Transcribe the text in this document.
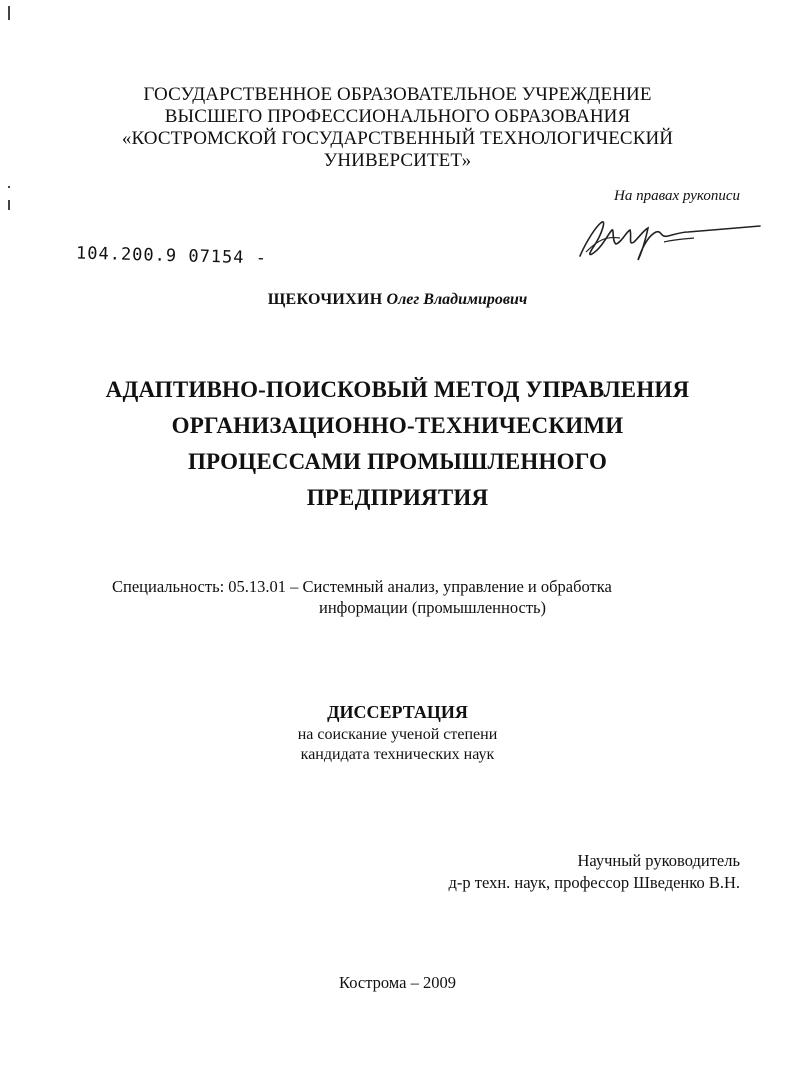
ГОСУДАРСТВЕННОЕ ОБРАЗОВАТЕЛЬНОЕ УЧРЕЖДЕНИЕ
ВЫСШЕГО ПРОФЕССИОНАЛЬНОГО ОБРАЗОВАНИЯ
«КОСТРОМСКОЙ ГОСУДАРСТВЕННЫЙ ТЕХНОЛОГИЧЕСКИЙ
УНИВЕРСИТЕТ»
На правах рукописи
104.200.9 07154 -
ЩЕКОЧИХИН Олег Владимирович
АДАПТИВНО-ПОИСКОВЫЙ МЕТОД УПРАВЛЕНИЯ
ОРГАНИЗАЦИОННО-ТЕХНИЧЕСКИМИ
ПРОЦЕССАМИ ПРОМЫШЛЕННОГО
ПРЕДПРИЯТИЯ
Специальность: 05.13.01 – Системный анализ, управление и обработка
информации (промышленность)
ДИССЕРТАЦИЯ
на соискание ученой степени
кандидата технических наук
Научный руководитель
д-р техн. наук, профессор Шведенко В.Н.
Кострома – 2009
